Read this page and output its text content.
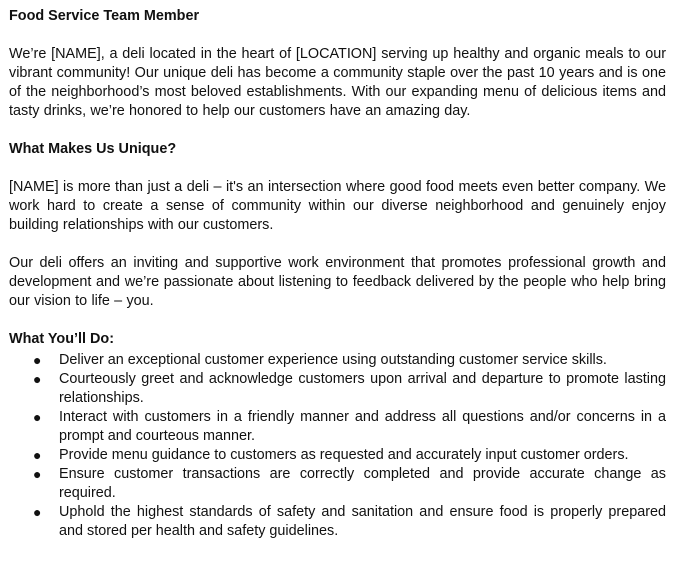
Food Service Team Member

We’re [NAME], a deli located in the heart of [LOCATION] serving up healthy and organic meals to our vibrant community! Our unique deli has become a community staple over the past 10 years and is one of the neighborhood’s most beloved establishments. With our expanding menu of delicious items and tasty drinks, we’re honored to help our customers have an amazing day.

What Makes Us Unique?

[NAME] is more than just a deli – it's an intersection where good food meets even better company. We work hard to create a sense of community within our diverse neighborhood and genuinely enjoy building relationships with our customers.

Our deli offers an inviting and supportive work environment that promotes professional growth and development and we’re passionate about listening to feedback delivered by the people who help bring our vision to life – you.

What You’ll Do:
● Deliver an exceptional customer experience using outstanding customer service skills.
● Courteously greet and acknowledge customers upon arrival and departure to promote lasting relationships.
● Interact with customers in a friendly manner and address all questions and/or concerns in a prompt and courteous manner.
● Provide menu guidance to customers as requested and accurately input customer orders.
● Ensure customer transactions are correctly completed and provide accurate change as required.
● Uphold the highest standards of safety and sanitation and ensure food is properly prepared and stored per health and safety guidelines.
